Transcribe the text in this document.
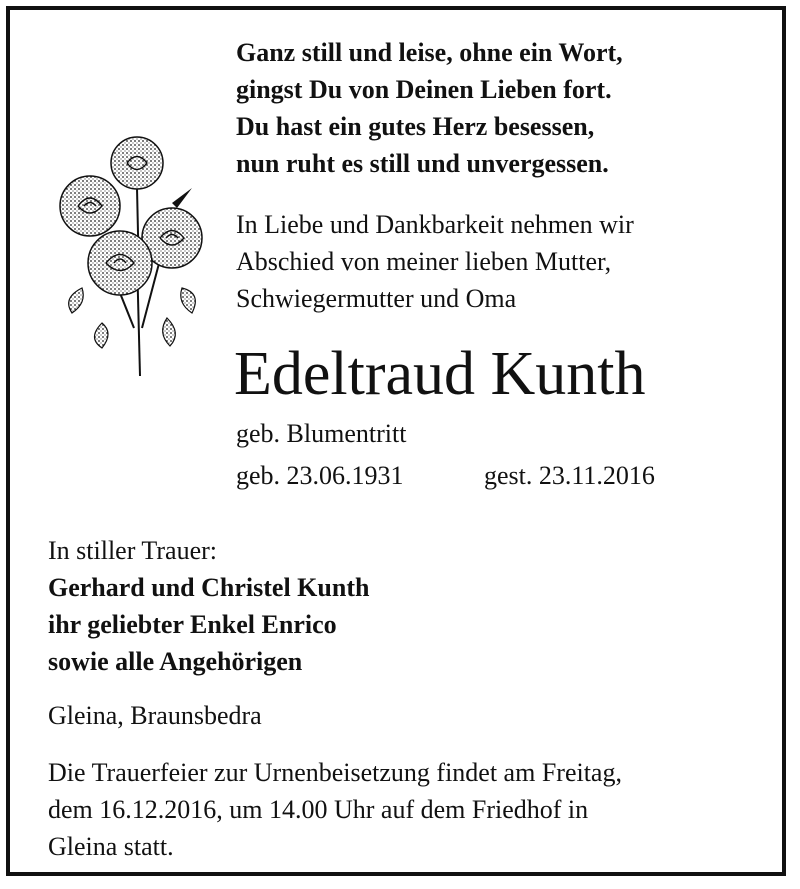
Ganz still und leise, ohne ein Wort,
gingst Du von Deinen Lieben fort.
Du hast ein gutes Herz besessen,
nun ruht es still und unvergessen.
In Liebe und Dankbarkeit nehmen wir
Abschied von meiner lieben Mutter,
Schwiegermutter und Oma
Edeltraud Kunth
geb. Blumentritt
geb. 23.06.1931	gest. 23.11.2016
In stiller Trauer:
Gerhard und Christel Kunth
ihr geliebter Enkel Enrico
sowie alle Angehörigen
Gleina, Braunsbedra
Die Trauerfeier zur Urnenbeisetzung findet am Freitag,
dem 16.12.2016, um 14.00 Uhr auf dem Friedhof in
Gleina statt.
